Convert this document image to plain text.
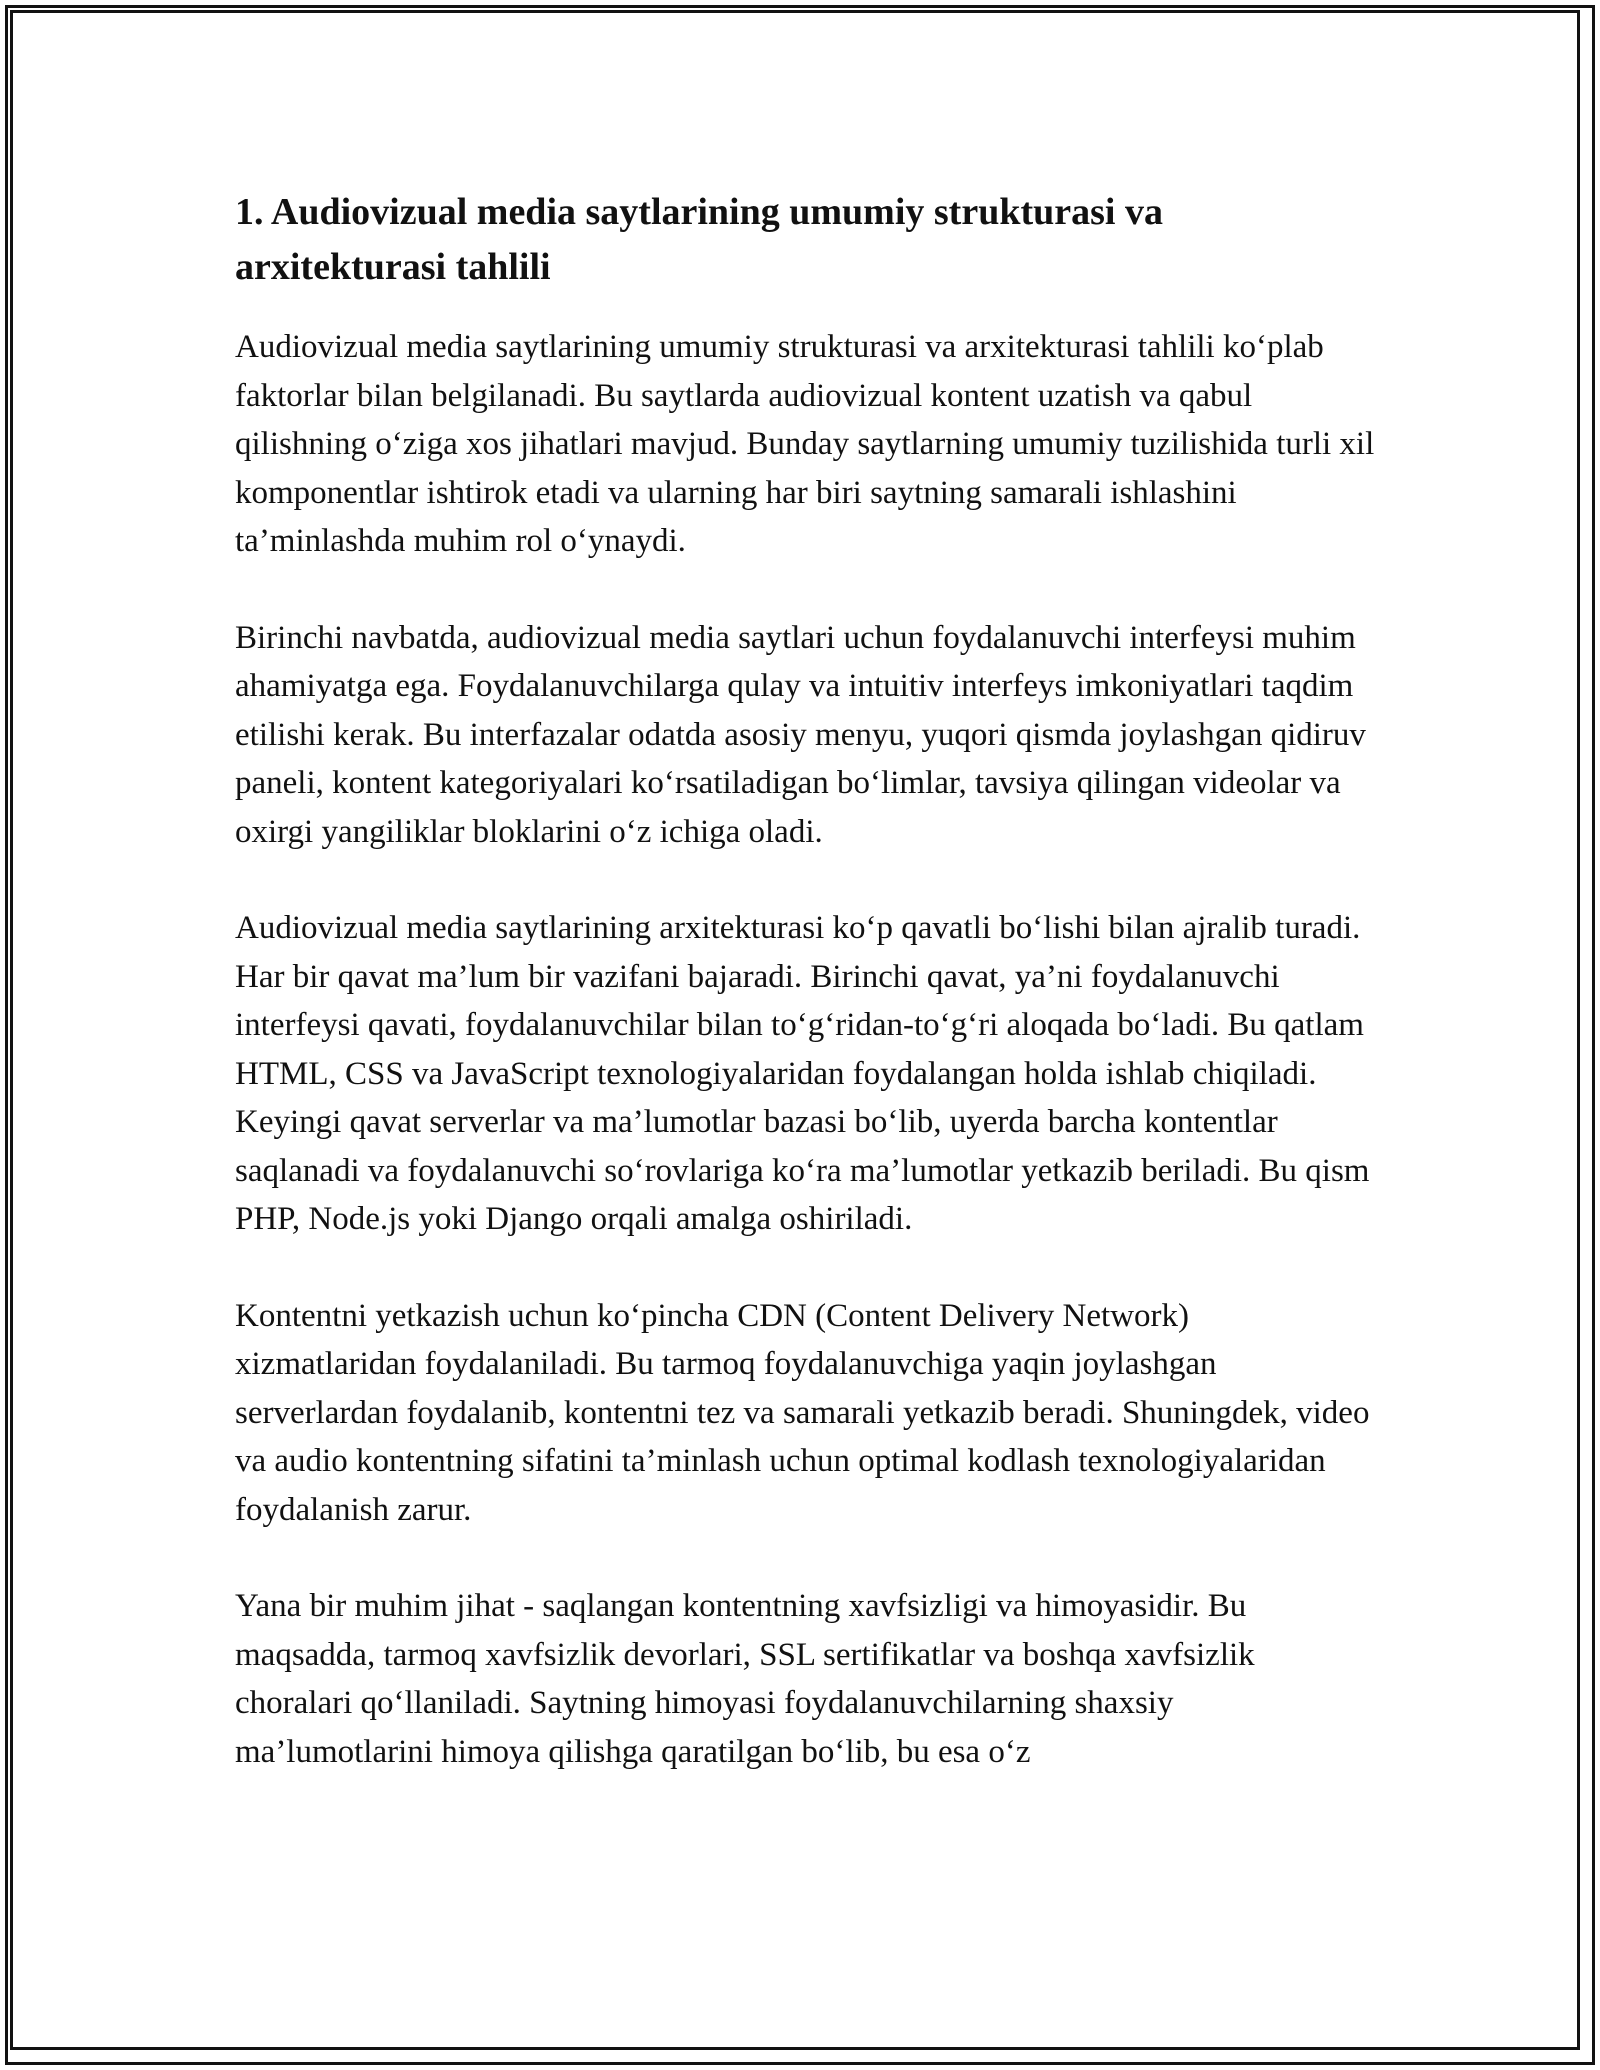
1. Audiovizual media saytlarining umumiy strukturasi va arxitekturasi tahlili

Audiovizual media saytlarining umumiy strukturasi va arxitekturasi tahlili ko‘plab faktorlar bilan belgilanadi. Bu saytlarda audiovizual kontent uzatish va qabul qilishning o‘ziga xos jihatlari mavjud. Bunday saytlarning umumiy tuzilishida turli xil komponentlar ishtirok etadi va ularning har biri saytning samarali ishlashini ta’minlashda muhim rol o‘ynaydi.

Birinchi navbatda, audiovizual media saytlari uchun foydalanuvchi interfeysi muhim ahamiyatga ega. Foydalanuvchilarga qulay va intuitiv interfeys imkoniyatlari taqdim etilishi kerak. Bu interfazalar odatda asosiy menyu, yuqori qismda joylashgan qidiruv paneli, kontent kategoriyalari ko‘rsatiladigan bo‘limlar, tavsiya qilingan videolar va oxirgi yangiliklar bloklarini o‘z ichiga oladi.

Audiovizual media saytlarining arxitekturasi ko‘p qavatli bo‘lishi bilan ajralib turadi. Har bir qavat ma’lum bir vazifani bajaradi. Birinchi qavat, ya’ni foydalanuvchi interfeysi qavati, foydalanuvchilar bilan to‘g‘ridan-to‘g‘ri aloqada bo‘ladi. Bu qatlam HTML, CSS va JavaScript texnologiyalaridan foydalangan holda ishlab chiqiladi. Keyingi qavat serverlar va ma’lumotlar bazasi bo‘lib, uyerda barcha kontentlar saqlanadi va foydalanuvchi so‘rovlariga ko‘ra ma’lumotlar yetkazib beriladi. Bu qism PHP, Node.js yoki Django orqali amalga oshiriladi.

Kontentni yetkazish uchun ko‘pincha CDN (Content Delivery Network) xizmatlaridan foydalaniladi. Bu tarmoq foydalanuvchiga yaqin joylashgan serverlardan foydalanib, kontentni tez va samarali yetkazib beradi. Shuningdek, video va audio kontentning sifatini ta’minlash uchun optimal kodlash texnologiyalaridan foydalanish zarur.

Yana bir muhim jihat - saqlangan kontentning xavfsizligi va himoyasidir. Bu maqsadda, tarmoq xavfsizlik devorlari, SSL sertifikatlar va boshqa xavfsizlik choralari qo‘llaniladi. Saytning himoyasi foydalanuvchilarning shaxsiy ma’lumotlarini himoya qilishga qaratilgan bo‘lib, bu esa o‘z
